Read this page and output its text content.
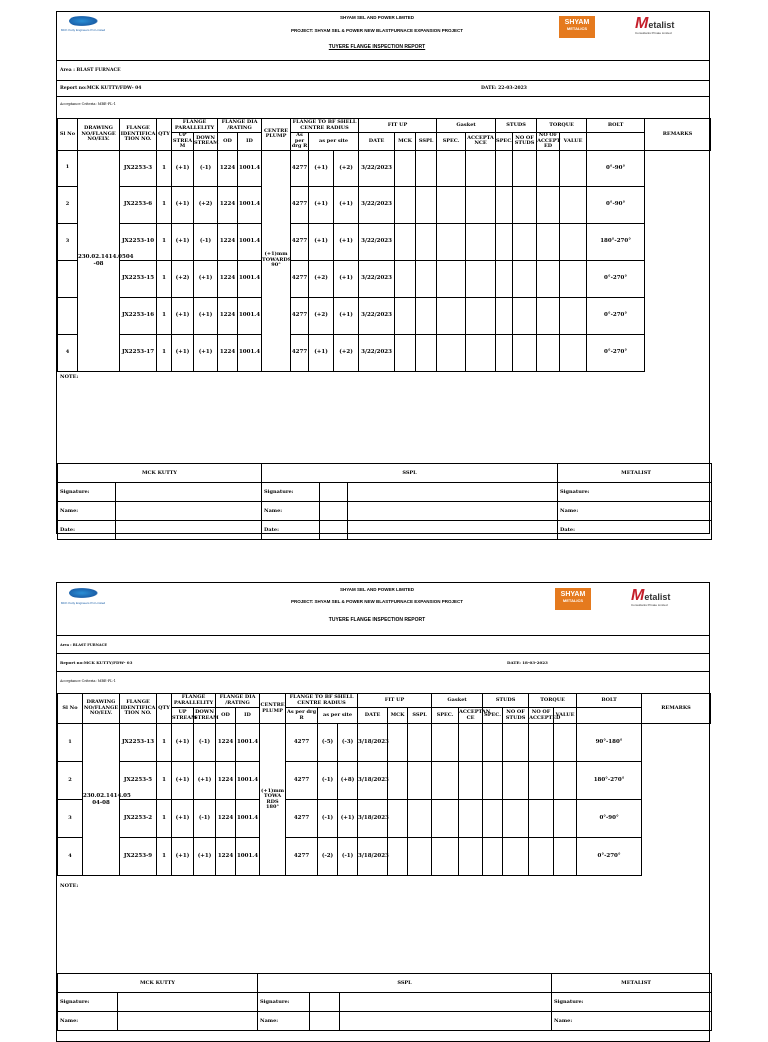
MCK Kutty Engineers Pvt Limited
SHYAM
METALICS	Metalist
Consultants Private Limited
SHYAM SEL AND POWER LIMITED
PROJECT: SHYAM SEL & POWER NEW BLASTFURNACE EXPANSION PROJECT
TUYERE FLANGE INSPECTION REPORT
Area : BLAST FURNACE
Report no:MCK KUTTY/FDW- 04	DATE: 22-03-2023
Acceptance Criteria: MBE-FL-1
Sl No	DRAWING NO/FLANGE NO/ELV.	FLANGE IDENTIFICA TION NO.	QTY	FLANGE PARALLELITY		FLANGE DIA /RATING		CENTRE PLUMP	FLANGE TO BF SHELL CENTRE RADIUS			FIT UP			Gasket		STUDS		TORQUE		BOLT	REMARKS
				UP STREA M	DOWN STREAM	OD	ID		As per drg R	as per site		DATE	MCK	SSPL	SPEC.	ACCEPTA NCE	SPEC.	NO OF STUDS	NO OF ACCEPT ED	VALUE		
1	230.02.1414.0504 -08	JX2253-3	1	(+1)	(-1)	1224	1001.4	(+1)mm TOWARDS 90°	4277	(+1)	(+2)	3/22/2023									0°-90°	
2		JX2253-6	1	(+1)	(+2)	1224	1001.4		4277	(+1)	(+1)	3/22/2023									0°-90°	
3		JX2253-10	1	(+1)	(-1)	1224	1001.4		4277	(+1)	(+1)	3/22/2023									180°-270°	
		JX2253-15	1	(+2)	(+1)	1224	1001.4		4277	(+2)	(+1)	3/22/2023									0°-270°	
		JX2253-16	1	(+1)	(+1)	1224	1001.4		4277	(+2)	(+1)	3/22/2023									0°-270°	
4		JX2253-17	1	(+1)	(+1)	1224	1001.4		4277	(+1)	(+2)	3/22/2023									0°-270°	
NOTE:
MCK KUTTY		SSPL			METALIST
Signature:		Signature:			Signature:
Name:		Name:			Name:
Date:		Date:			Date:
MCK Kutty Engineers Pvt Limited
SHYAM
METALICS	Metalist
Consultants Private Limited
SHYAM SEL AND POWER LIMITED
PROJECT: SHYAM SEL & POWER NEW BLASTFURNACE EXPANSION PROJECT
TUYERE FLANGE INSPECTION REPORT
Area : BLAST FURNACE
Report no:MCK KUTTY/FDW- 03	DATE: 18-03-2023
Acceptance Criteria: MBE-FL-1
Sl No	DRAWING NO/FLANGE NO/ELV.	FLANGE IDENTIFICA TION NO.	QTY	FLANGE PARALLELITY		FLANGE DIA /RATING		CENTRE PLUMP	FLANGE TO BF SHELL CENTRE RADIUS			FIT UP			Gasket		STUDS		TORQUE		BOLT	REMARKS
				UP STREAM	DOWN STREAM	OD	ID		As per drg R	as per site		DATE	MCK	SSPL	SPEC.	ACCEPTAN CE	SPEC.	NO OF STUDS	NO OF ACCEPTED	VALUE		
1	230.02.1414.05 04-08	JX2253-13	1	(+1)	(-1)	1224	1001.4	(+1)mm TOWA RDS 180°	4277	(-5)	(-3)	3/18/2023									90°-180°	
2		JX2253-5	1	(+1)	(+1)	1224	1001.4		4277	(-1)	(+8)	3/18/2023									180°-270°	
3		JX2253-2	1	(+1)	(-1)	1224	1001.4		4277	(-1)	(+1)	3/18/2023									0°-90°	
4		JX2253-9	1	(+1)	(+1)	1224	1001.4		4277	(-2)	(-1)	3/18/2023									0°-270°	
NOTE:
MCK KUTTY		SSPL			METALIST
Signature:		Signature:			Signature:
Name:		Name:			Name:
